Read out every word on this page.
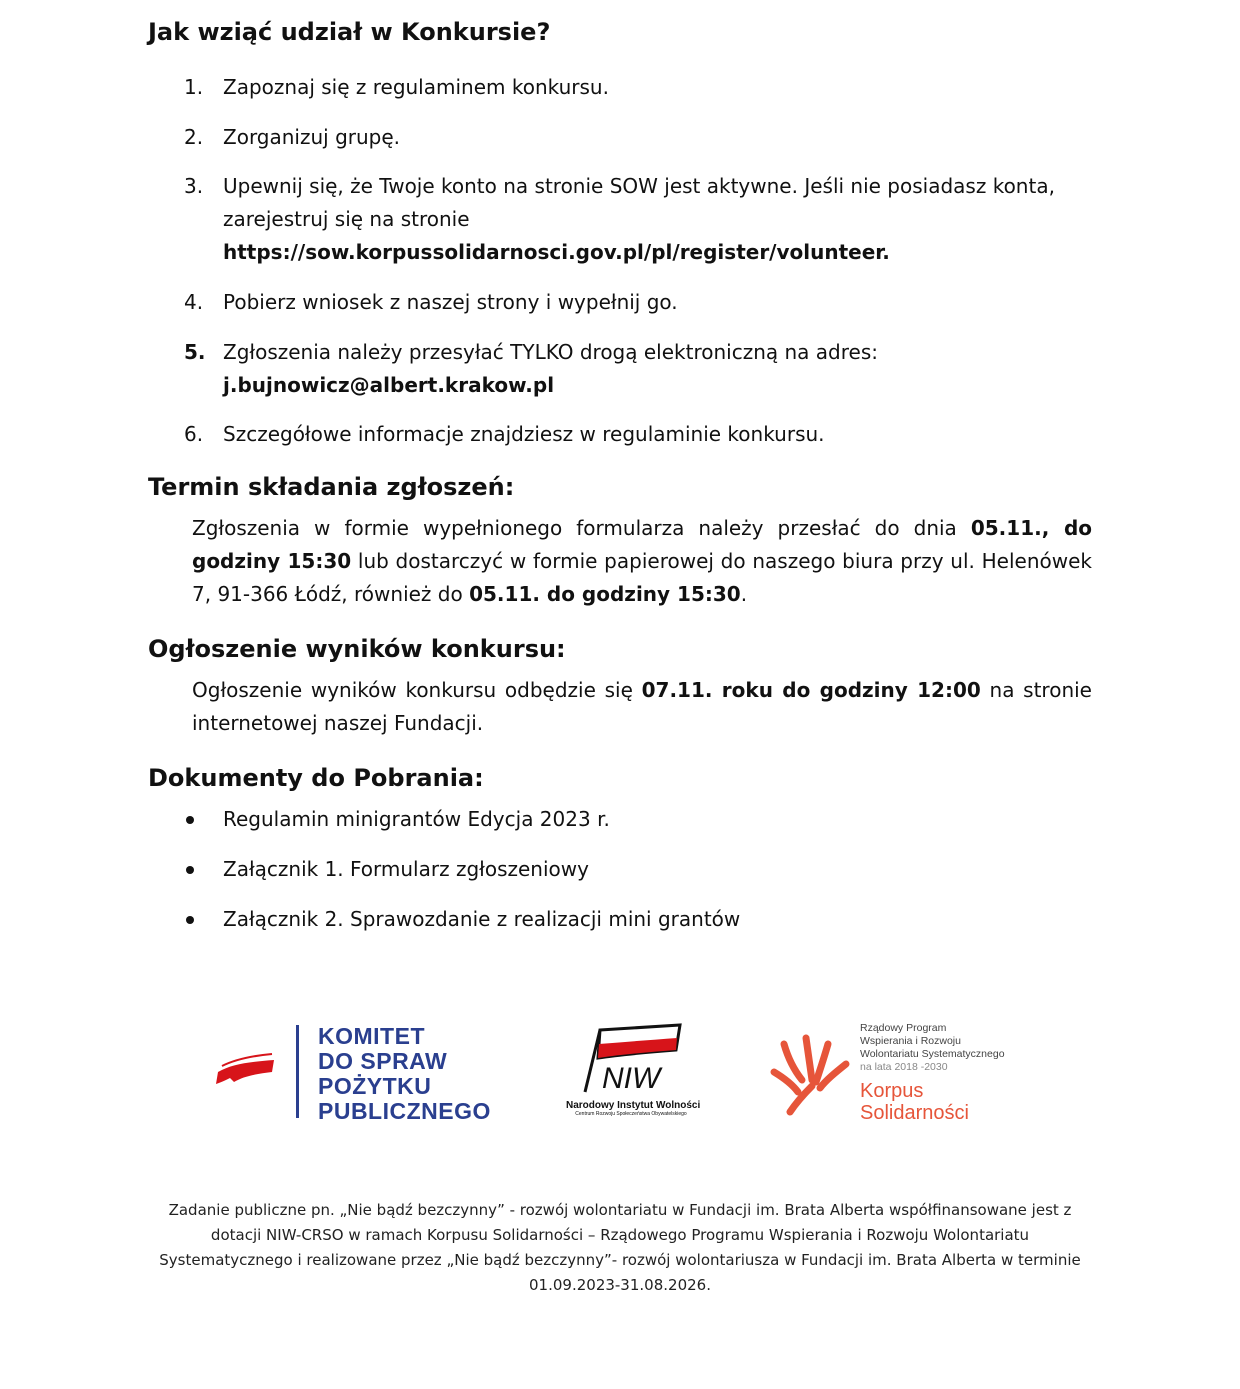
Jak wziąć udział w Konkursie?
1. Zapoznaj się z regulaminem konkursu.
2. Zorganizuj grupę.
3. Upewnij się, że Twoje konto na stronie SOW jest aktywne. Jeśli nie posiadasz konta, zarejestruj się na stronie
https://sow.korpussolidarnosci.gov.pl/pl/register/volunteer.
4. Pobierz wniosek z naszej strony i wypełnij go.
5. Zgłoszenia należy przesyłać TYLKO drogą elektroniczną na adres:
j.bujnowicz@albert.krakow.pl
6. Szczegółowe informacje znajdziesz w regulaminie konkursu.
Termin składania zgłoszeń:
Zgłoszenia w formie wypełnionego formularza należy przesłać do dnia 05.11., do godziny 15:30 lub dostarczyć w formie papierowej do naszego biura przy ul. Helenówek 7, 91-366 Łódź, również do 05.11. do godziny 15:30.
Ogłoszenie wyników konkursu:
Ogłoszenie wyników konkursu odbędzie się 07.11. roku do godziny 12:00 na stronie internetowej naszej Fundacji.
Dokumenty do Pobrania:
Regulamin minigrantów Edycja 2023 r.
Załącznik 1. Formularz zgłoszeniowy
Załącznik 2. Sprawozdanie z realizacji mini grantów
KOMITET
DO SPRAW
POŻYTKU
PUBLICZNEGO
NIW
Narodowy Instytut Wolności
Centrum Rozwoju Społeczeństwa Obywatelskiego
Rządowy Program
Wspierania i Rozwoju
Wolontariatu Systematycznego
na lata 2018 -2030
Korpus
Solidarności
Zadanie publiczne pn. „Nie bądź bezczynny” - rozwój wolontariatu w Fundacji im. Brata Alberta współfinansowane jest z dotacji NIW-CRSO w ramach Korpusu Solidarności – Rządowego Programu Wspierania i Rozwoju Wolontariatu Systematycznego i realizowane przez „Nie bądź bezczynny”- rozwój wolontariusza w Fundacji im. Brata Alberta w terminie 01.09.2023-31.08.2026.
